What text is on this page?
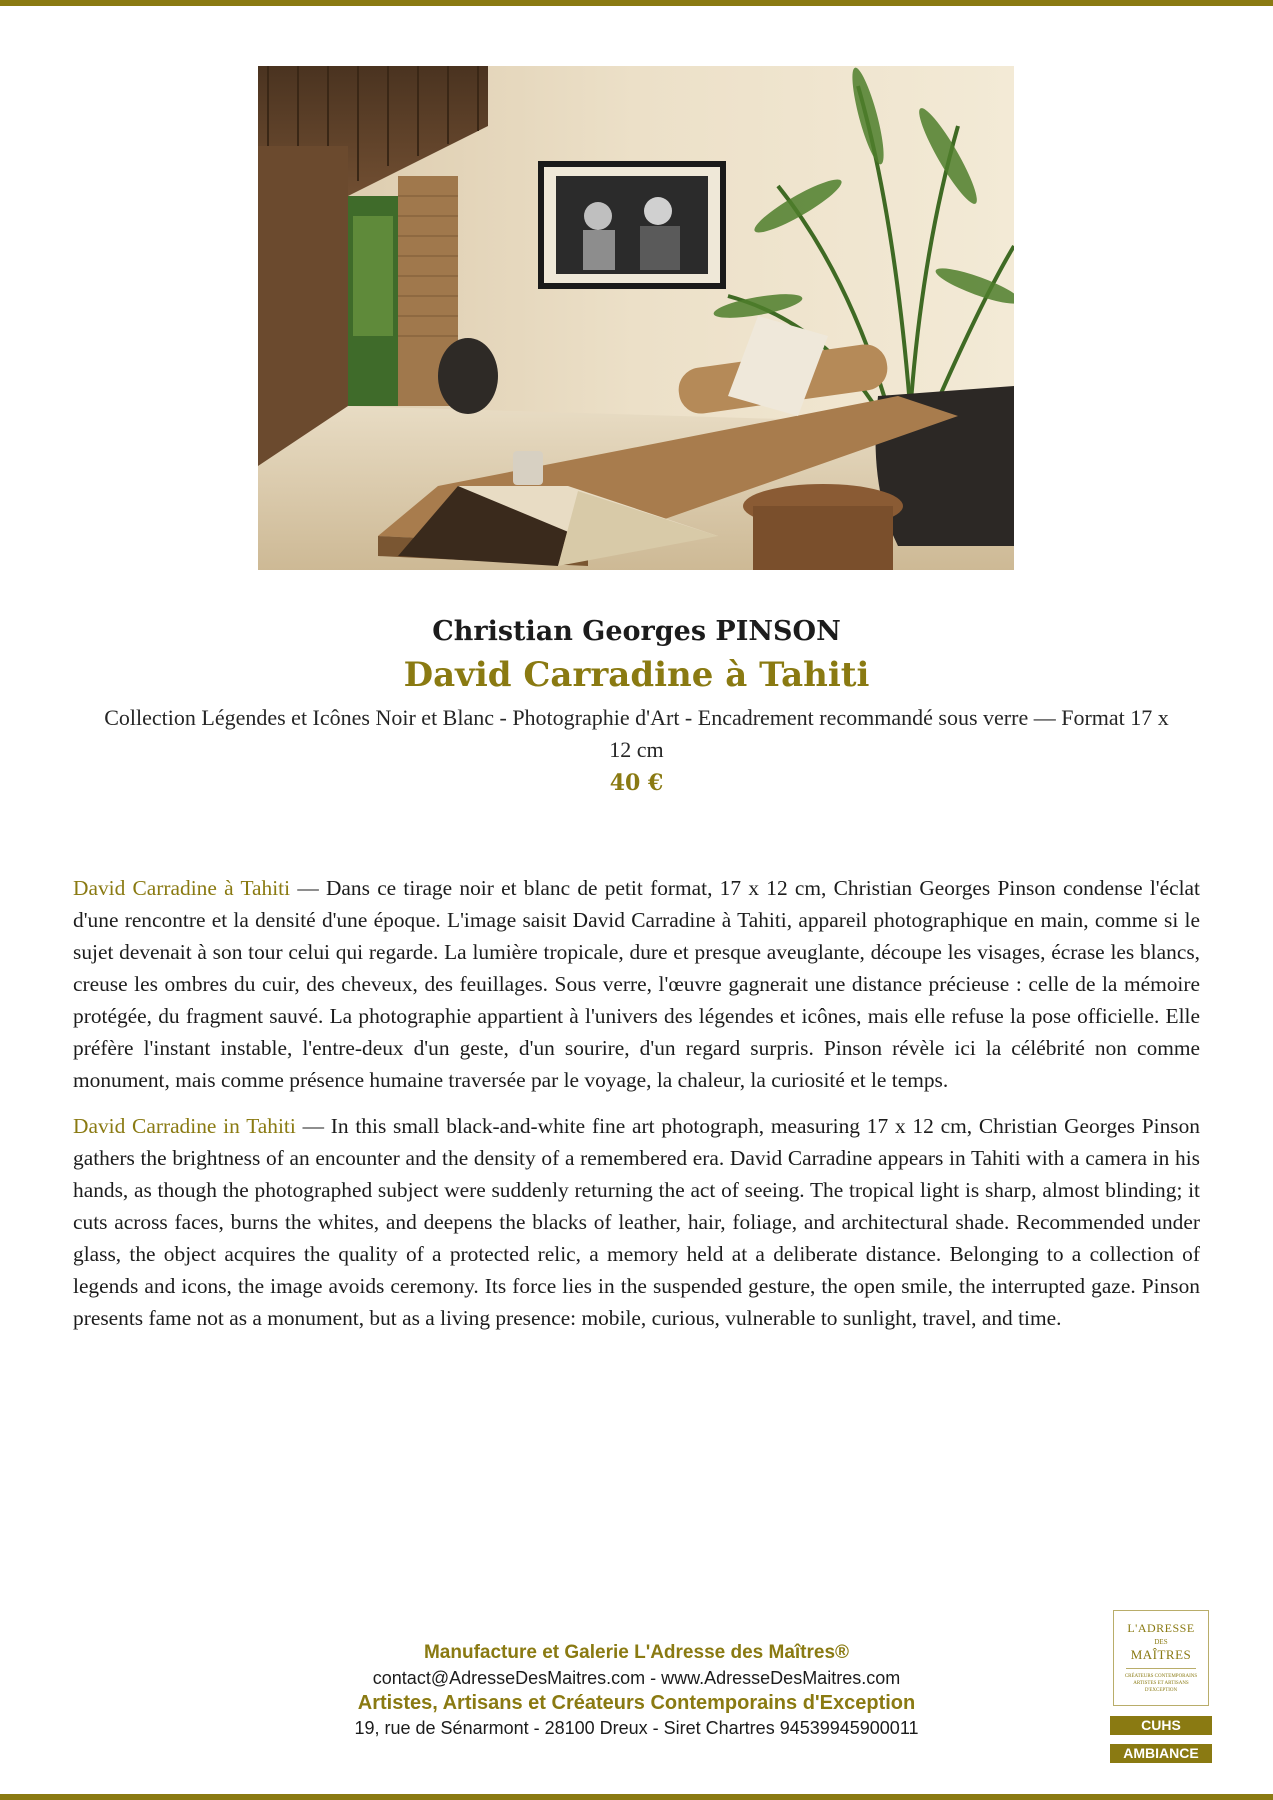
Christian Georges PINSON
David Carradine à Tahiti
Collection Légendes et Icônes Noir et Blanc - Photographie d'Art - Encadrement recommandé sous verre — Format 17 x 12 cm
40 €

David Carradine à Tahiti — Dans ce tirage noir et blanc de petit format, 17 x 12 cm, Christian Georges Pinson condense l'éclat d'une rencontre et la densité d'une époque. L'image saisit David Carradine à Tahiti, appareil photographique en main, comme si le sujet devenait à son tour celui qui regarde. La lumière tropicale, dure et presque aveuglante, découpe les visages, écrase les blancs, creuse les ombres du cuir, des cheveux, des feuillages. Sous verre, l'œuvre gagnerait une distance précieuse : celle de la mémoire protégée, du fragment sauvé. La photographie appartient à l'univers des légendes et icônes, mais elle refuse la pose officielle. Elle préfère l'instant instable, l'entre-deux d'un geste, d'un sourire, d'un regard surpris. Pinson révèle ici la célébrité non comme monument, mais comme présence humaine traversée par le voyage, la chaleur, la curiosité et le temps.

David Carradine in Tahiti — In this small black-and-white fine art photograph, measuring 17 x 12 cm, Christian Georges Pinson gathers the brightness of an encounter and the density of a remembered era. David Carradine appears in Tahiti with a camera in his hands, as though the photographed subject were suddenly returning the act of seeing. The tropical light is sharp, almost blinding; it cuts across faces, burns the whites, and deepens the blacks of leather, hair, foliage, and architectural shade. Recommended under glass, the object acquires the quality of a protected relic, a memory held at a deliberate distance. Belonging to a collection of legends and icons, the image avoids ceremony. Its force lies in the suspended gesture, the open smile, the interrupted gaze. Pinson presents fame not as a monument, but as a living presence: mobile, curious, vulnerable to sunlight, travel, and time.

Manufacture et Galerie L'Adresse des Maîtres®
contact@AdresseDesMaitres.com - www.AdresseDesMaitres.com
Artistes, Artisans et Créateurs Contemporains d'Exception
19, rue de Sénarmont - 28100 Dreux - Siret Chartres 94539945900011
L'ADRESSE
DES
MAÎTRES
CRÉATEURS CONTEMPORAINS ARTISTES ET ARTISANS D'EXCEPTION
CUHS
AMBIANCE
